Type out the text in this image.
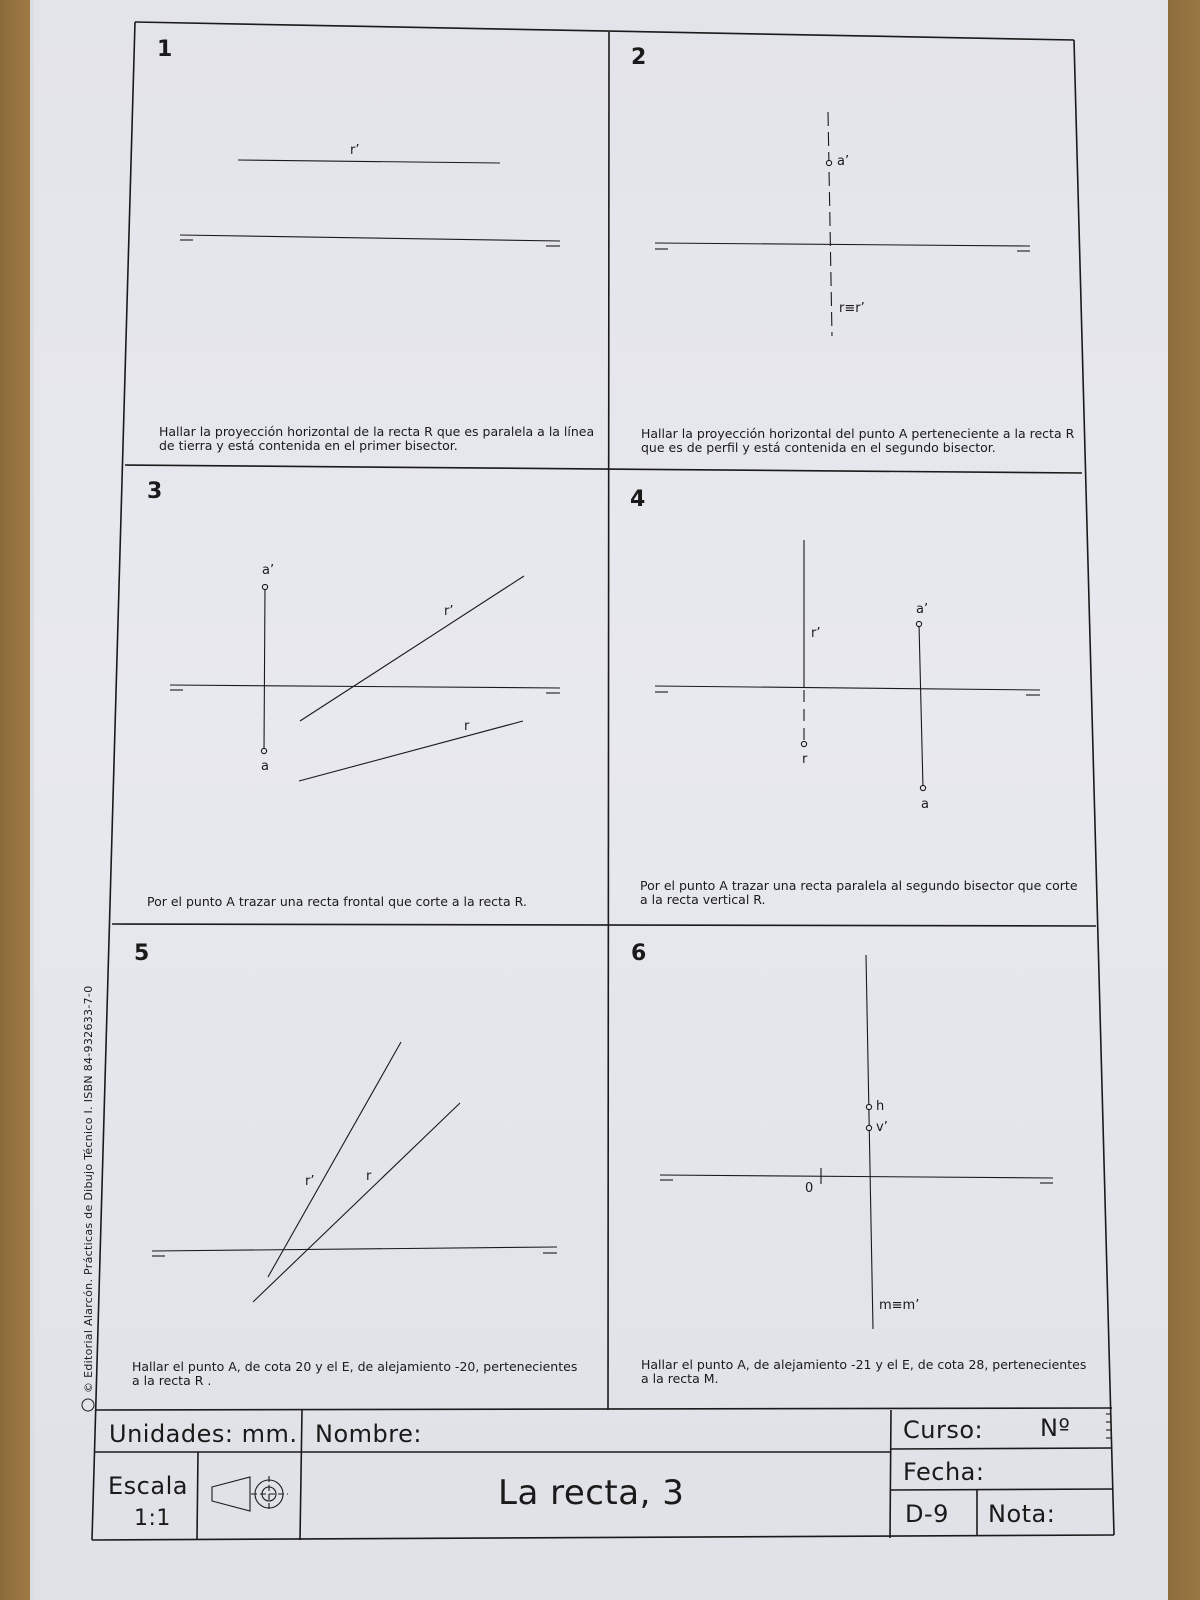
© Editorial Alarcón. Prácticas de Dibujo Técnico I. ISBN 84-932633-7-0
1
r’
Hallar la proyección horizontal de la recta R que es paralela a la línea
de tierra y está contenida en el primer bisector.
2
a’
r≡r’
Hallar la proyección horizontal del punto A perteneciente a la recta R
que es de perfil y está contenida en el segundo bisector.
3
a’
r’
r
a
Por el punto A trazar una recta frontal que corte a la recta R.
4
a’
r’
r
a
Por el punto A trazar una recta paralela al segundo bisector que corte
a la recta vertical R.
5
r’	r
Hallar el punto A, de cota 20 y el E, de alejamiento -20, pertenecientes
a la recta R .
6
h
v’
0
m≡m’
Hallar el punto A, de alejamiento -21 y el E, de cota 28, pertenecientes
a la recta M.
Unidades: mm. Nombre:	Curso: Nº
Escala
1:1
La recta, 3
Fecha:
D-9 Nota:
